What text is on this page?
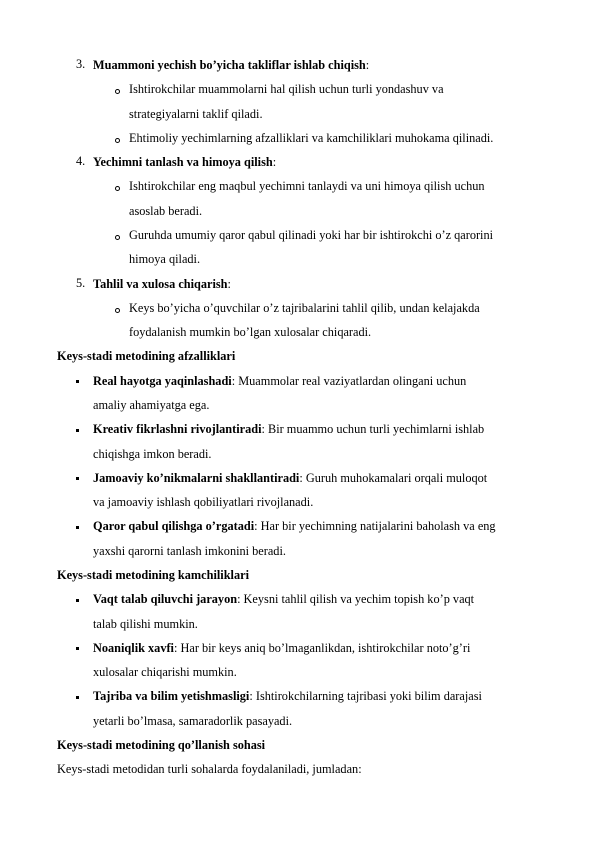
3. Muammoni yechish bo’yicha takliflar ishlab chiqish:
Ishtirokchilar muammolarni hal qilish uchun turli yondashuv va
strategiyalarni taklif qiladi.
Ehtimoliy yechimlarning afzalliklari va kamchiliklari muhokama qilinadi.
4. Yechimni tanlash va himoya qilish:
Ishtirokchilar eng maqbul yechimni tanlaydi va uni himoya qilish uchun
asoslab beradi.
Guruhda umumiy qaror qabul qilinadi yoki har bir ishtirokchi o’z qarorini
himoya qiladi.
5. Tahlil va xulosa chiqarish:
Keys bo’yicha o’quvchilar o’z tajribalarini tahlil qilib, undan kelajakda
foydalanish mumkin bo’lgan xulosalar chiqaradi.
Keys-stadi metodining afzalliklari
Real hayotga yaqinlashadi: Muammolar real vaziyatlardan olingani uchun
amaliy ahamiyatga ega.
Kreativ fikrlashni rivojlantiradi: Bir muammo uchun turli yechimlarni ishlab
chiqishga imkon beradi.
Jamoaviy ko’nikmalarni shakllantiradi: Guruh muhokamalari orqali muloqot
va jamoaviy ishlash qobiliyatlari rivojlanadi.
Qaror qabul qilishga o’rgatadi: Har bir yechimning natijalarini baholash va eng
yaxshi qarorni tanlash imkonini beradi.
Keys-stadi metodining kamchiliklari
Vaqt talab qiluvchi jarayon: Keysni tahlil qilish va yechim topish ko’p vaqt
talab qilishi mumkin.
Noaniqlik xavfi: Har bir keys aniq bo’lmaganlikdan, ishtirokchilar noto’g’ri
xulosalar chiqarishi mumkin.
Tajriba va bilim yetishmasligi: Ishtirokchilarning tajribasi yoki bilim darajasi
yetarli bo’lmasa, samaradorlik pasayadi.
Keys-stadi metodining qo’llanish sohasi
Keys-stadi metodidan turli sohalarda foydalaniladi, jumladan:
